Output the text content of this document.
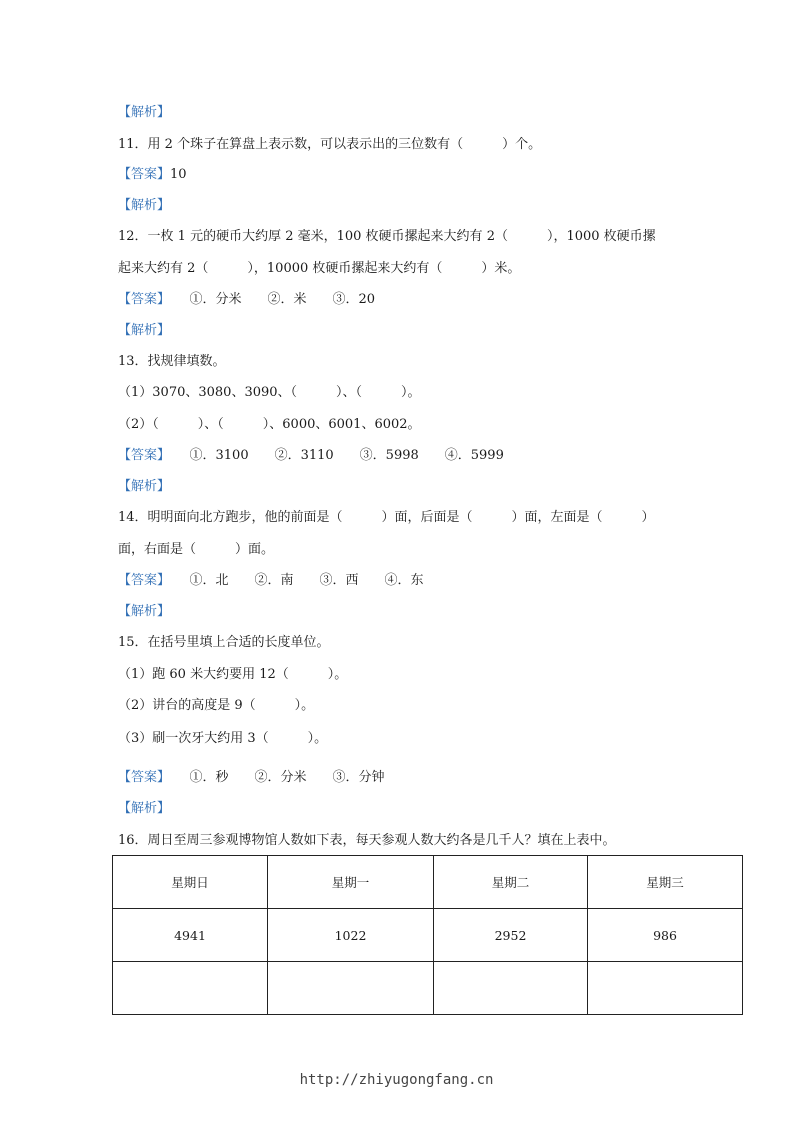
【解析】
11．用 2 个珠子在算盘上表示数，可以表示出的三位数有（　　　）个。
【答案】10
【解析】
12．一枚 1 元的硬币大约厚 2 毫米，100 枚硬币摞起来大约有 2（　　　），1000 枚硬币摞
起来大约有 2（　　　），10000 枚硬币摞起来大约有（　　　）米。
【答案】　　①．分米　　②．米　　③．20
【解析】
13．找规律填数。
（1）3070、3080、3090、（　　　）、（　　　）。
（2）（　　　）、（　　　）、6000、6001、6002。
【答案】　　①．3100　　②．3110　　③．5998　　④．5999
【解析】
14．明明面向北方跑步，他的前面是（　　　）面，后面是（　　　）面，左面是（　　　）
面，右面是（　　　）面。
【答案】　　①．北　　②．南　　③．西　　④．东
【解析】
15．在括号里填上合适的长度单位。
（1）跑 60 米大约要用 12（　　　）。
（2）讲台的高度是 9（　　　）。
（3）刷一次牙大约用 3（　　　）。
【答案】　　①．秒　　②．分米　　③．分钟
【解析】
16．周日至周三参观博物馆人数如下表，每天参观人数大约各是几千人？填在上表中。
星期日	星期一	星期二	星期三
4941	1022	2952	986

http://zhiyugongfang.cn
